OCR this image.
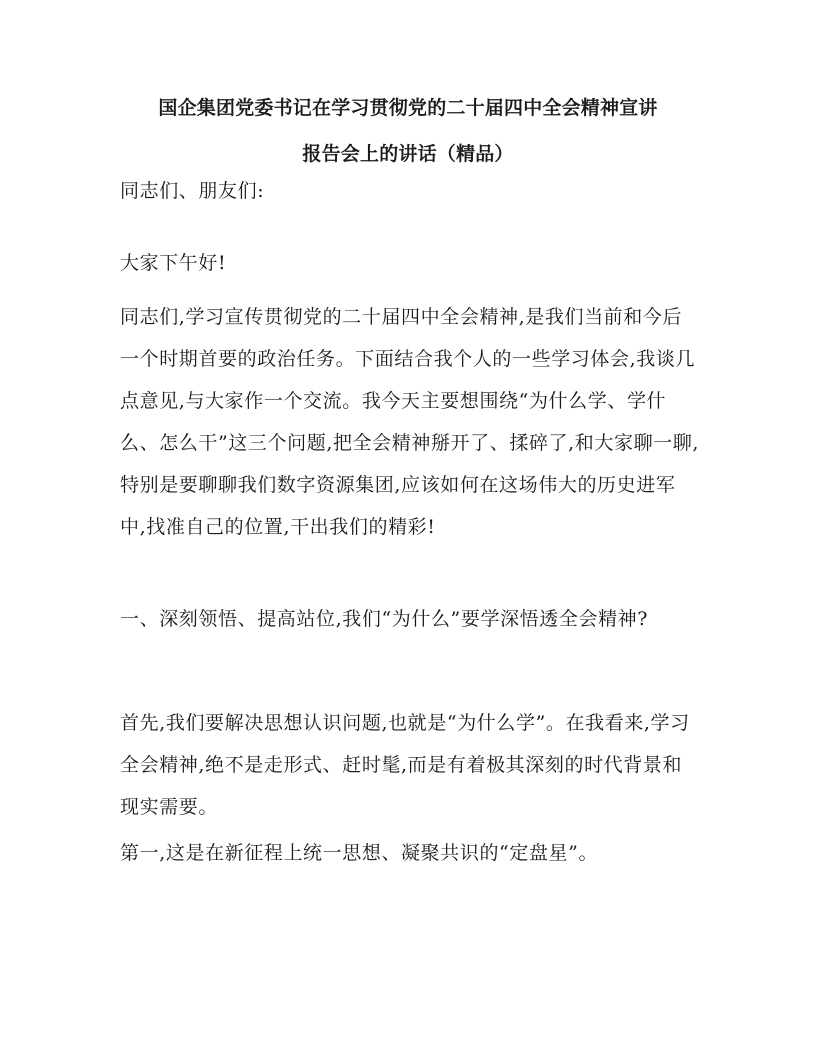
国企集团党委书记在学习贯彻党的二十届四中全会精神宣讲
报告会上的讲话（精品）
同志们、朋友们:
大家下午好!
同志们,学习宣传贯彻党的二十届四中全会精神,是我们当前和今后一个时期首要的政治任务。下面结合我个人的一些学习体会,我谈几点意见,与大家作一个交流。我今天主要想围绕“为什么学、学什么、怎么干”这三个问题,把全会精神掰开了、揉碎了,和大家聊一聊,特别是要聊聊我们数字资源集团,应该如何在这场伟大的历史进军中,找准自己的位置,干出我们的精彩!
一、深刻领悟、提高站位,我们“为什么”要学深悟透全会精神?
首先,我们要解决思想认识问题,也就是“为什么学”。在我看来,学习全会精神,绝不是走形式、赶时髦,而是有着极其深刻的时代背景和现实需要。
第一,这是在新征程上统一思想、凝聚共识的“定盘星”。
